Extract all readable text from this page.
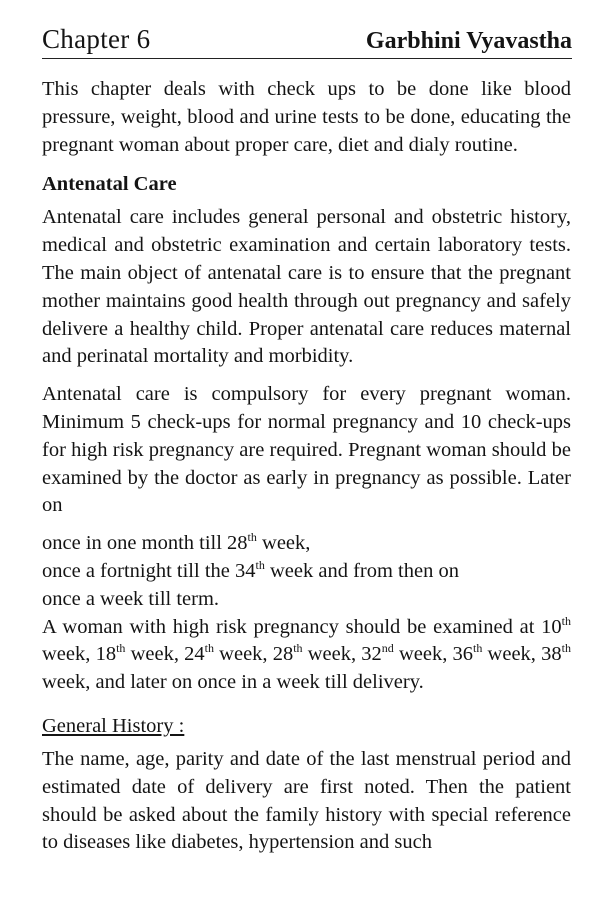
Chapter 6	Garbhini Vyavastha

This chapter deals with check ups to be done like blood pressure, weight, blood and urine tests to be done, educating the pregnant woman about proper care, diet and dialy routine.

Antenatal Care

Antenatal care includes general personal and obstetric history, medical and obstetric examination and certain laboratory tests. The main object of antenatal care is to ensure that the pregnant mother maintains good health through out pregnancy and safely delivere a healthy child. Proper antenatal care reduces maternal and perinatal mortality and morbidity.

Antenatal care is compulsory for every pregnant woman. Minimum 5 check-ups for normal pregnancy and 10 check-ups for high risk pregnancy are required. Pregnant woman should be examined by the doctor as early in pregnancy as possible. Later on

once in one month till 28th week,
once a fortnight till the 34th week and from then on
once a week till term.

A woman with high risk pregnancy should be examined at 10th week, 18th week, 24th week, 28th week, 32nd week, 36th week, 38th week, and later on once in a week till delivery.

General History :

The name, age, parity and date of the last menstrual period and estimated date of delivery are first noted. Then the patient should be asked about the family history with special reference to diseases like diabetes, hypertension and such
